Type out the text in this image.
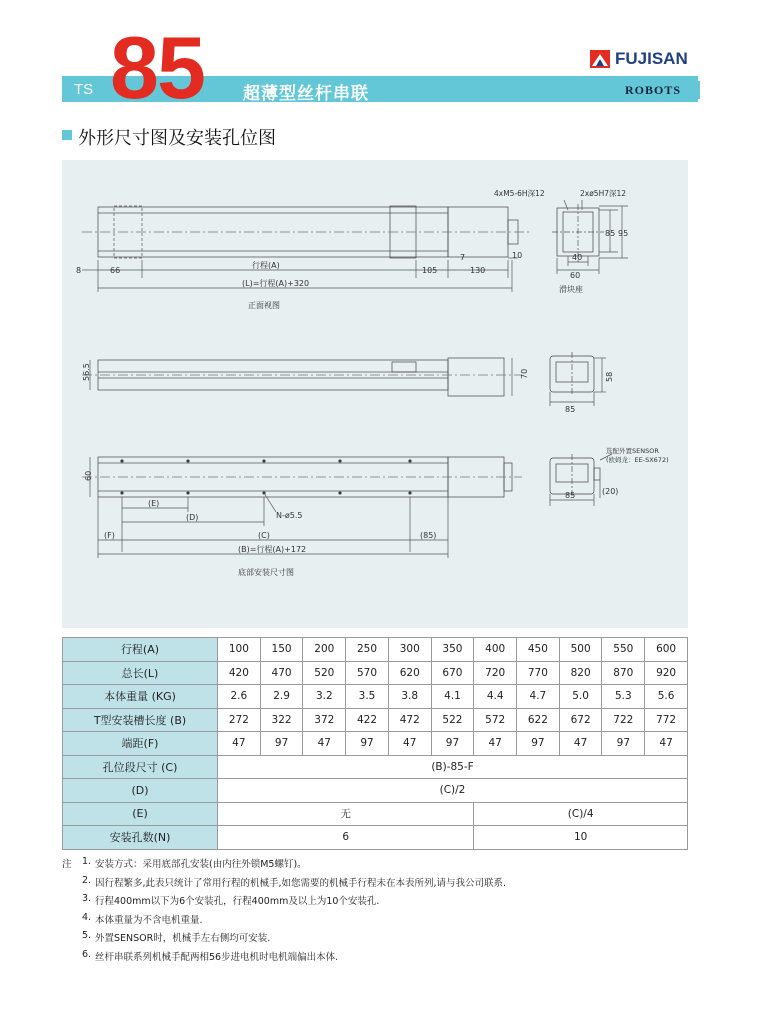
TS 85 超薄型丝杆串联
FUJISAN
ROBOTS
外形尺寸图及安装孔位图
8	66
行程(A)
105
7
130
10
(L)=行程(A)+320
正面视图
4xM5-6H深12	2xø5H7深12
85 95
40
60
滑块座
56.5	70	58
85
60
(E)
(D)	N-ø5.5
(C)
(F)	(85)
(B)=行程(A)+172
底部安装尺寸图
选配外置SENSOR
(欧姆龙：EE-SX672)
85	(20)
行程(A)	100	150	200	250	300	350	400	450	500	550	600
总长(L)	420	470	520	570	620	670	720	770	820	870	920
本体重量 (KG)	2.6	2.9	3.2	3.5	3.8	4.1	4.4	4.7	5.0	5.3	5.6
T型安装槽长度 (B)	272	322	372	422	472	522	572	622	672	722	772
端距(F)	47	97	47	97	47	97	47	97	47	97	47
孔位段尺寸 (C)	(B)-85-F										
(D)	(C)/2										
(E)	无						(C)/4				
安装孔数(N)	6						10				
注 1. 安装方式：采用底部孔安装(由内往外锁M5螺钉)。
2. 因行程繁多,此表只统计了常用行程的机械手,如您需要的机械手行程未在本表所列,请与我公司联系.
3. 行程400mm以下为6个安装孔，行程400mm及以上为10个安装孔.
4. 本体重量为不含电机重量.
5. 外置SENSOR时，机械手左右侧均可安装.
6. 丝杆串联系列机械手配两相56步进电机时电机端偏出本体.
